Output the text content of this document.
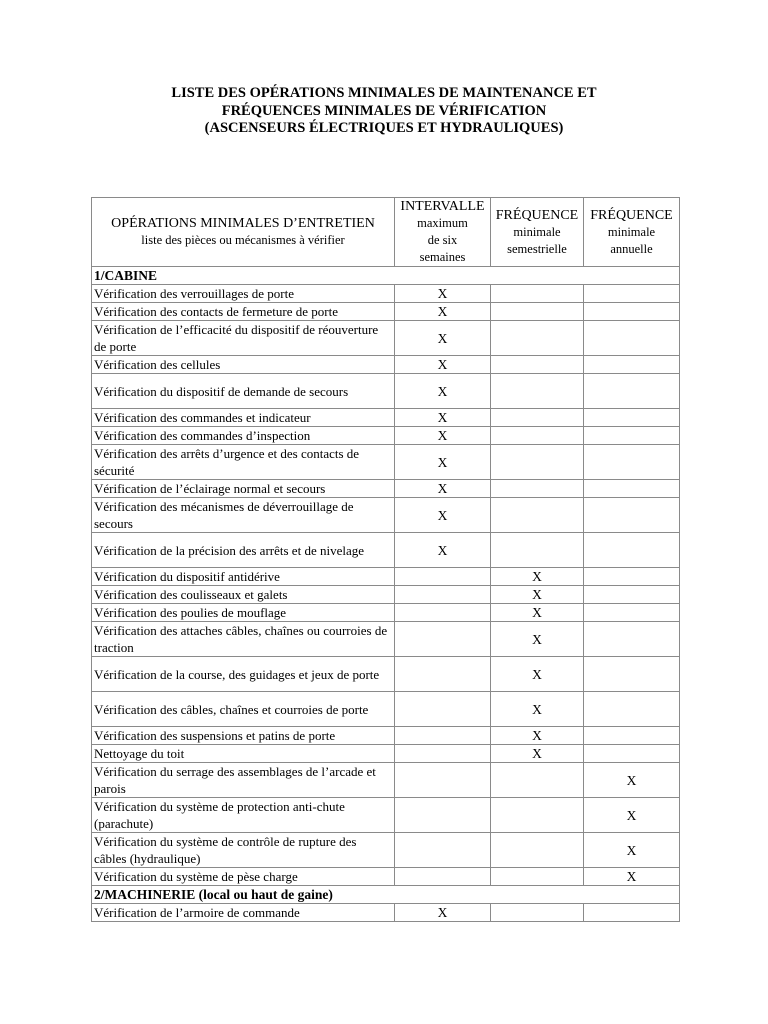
LISTE DES OPÉRATIONS MINIMALES DE MAINTENANCE ET
FRÉQUENCES MINIMALES DE VÉRIFICATION
(ASCENSEURS ÉLECTRIQUES ET HYDRAULIQUES)
OPÉRATIONS MINIMALES D’ENTRETIEN
liste des pièces ou mécanismes à vérifier	INTERVALLE
maximum
de six
semaines	FRÉQUENCE
minimale
semestrielle	FRÉQUENCE
minimale
annuelle

1/CABINE			
Vérification des verrouillages de porte	X		
Vérification des contacts de fermeture de porte	X		
Vérification de l’efficacité du dispositif de réouverture de porte	X		
Vérification des cellules	X		
Vérification du dispositif de demande de secours	X		
Vérification des commandes et indicateur	X		
Vérification des commandes d’inspection	X		
Vérification des arrêts d’urgence et des contacts de sécurité	X		
Vérification de l’éclairage normal et secours	X		
Vérification des mécanismes de déverrouillage de secours	X		
Vérification de la précision des arrêts et de nivelage	X		
Vérification du dispositif antidérive		X	
Vérification des coulisseaux et galets		X	
Vérification des poulies de mouflage		X	
Vérification des attaches câbles, chaînes ou courroies de traction		X	
Vérification de la course, des guidages et jeux de porte		X	
Vérification des câbles, chaînes et courroies de porte		X	
Vérification des suspensions et patins de porte		X	
Nettoyage du toit		X	
Vérification du serrage des assemblages de l’arcade et parois			X
Vérification du système de protection anti-chute (parachute)			X
Vérification du système de contrôle de rupture des câbles (hydraulique)			X
Vérification du système de pèse charge			X
2/MACHINERIE (local ou haut de gaine)			
Vérification de l’armoire de commande	X		
